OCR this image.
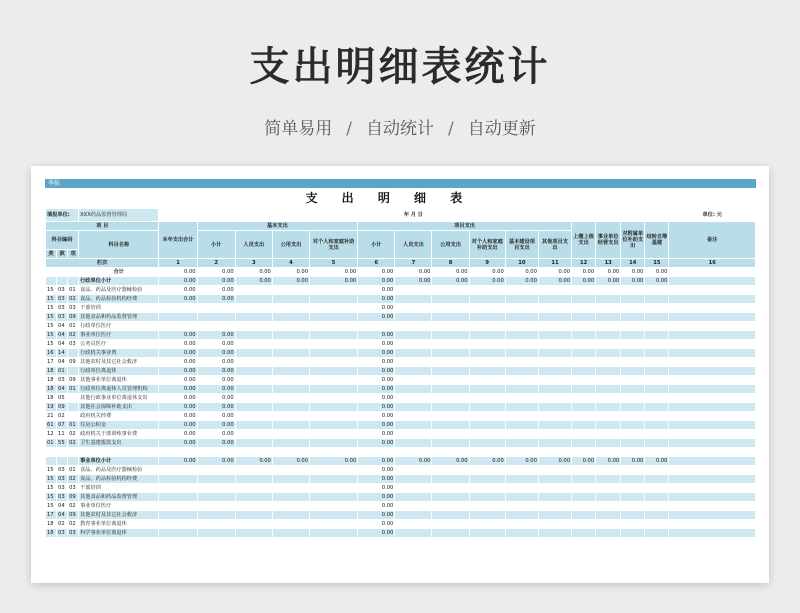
支出明细表统计
简单易用 / 自动统计 / 自动更新
季报
							支 出 明 细 表												
填报单位:			XXX药品监督管理局						年 月 日										单位: 元
项 目				本年支出合计	基本支出				项目支出						上缴上级支出	事业单位经营支出	对附属单位补助支出	结转自筹基建	备注
科目编码			科目名称		小计	人员支出	公用支出	对个人和家庭补助支出	小计	人员支出	公用支出	对个人和家庭补助支出	基本建设项目支出	其他项目支出					
类	款	项																	
栏次				1	2	3	4	5	6	7	8	9	10	11	12	13	14	15	16
			合计	0.00	0.00	0.00	0.00	0.00	0.00	0.00	0.00	0.00	0.00	0.00	0.00	0.00	0.00	0.00	
			行政单位小计	0.00	0.00	0.00	0.00	0.00	0.00	0.00	0.00	0.00	0.00	0.00	0.00	0.00	0.00	0.00	
15	03	01	食品、药品及医疗器械检验	0.00	0.00				0.00										
15	03	02	食品、药品检验机构经费	0.00	0.00				0.00										
15	03	03	干部培训						0.00										
15	03	09	其他食品和药品监督管理						0.00										
15	04	01	行政单位医疗																
15	04	02	事业单位医疗	0.00	0.00				0.00										
15	04	03	公务员医疗	0.00	0.00				0.00										
16	14		行政机关事业费	0.00	0.00				0.00										
17	04	09	其他农村及其它社会救济	0.00	0.00				0.00										
18	01		行政单位离退休	0.00	0.00				0.00										
18	03	09	其他事业单位离退休	0.00	0.00				0.00										
18	04	01	行政单位离退休人员管理机构	0.00	0.00				0.00										
18	05		其他行政事业单位离退休支出	0.00	0.00				0.00										
19	09		其他社会保障补助支出	0.00	0.00				0.00										
21	02		政府机关经费	0.00	0.00				0.00										
61	07	01	住房公积金	0.00	0.00				0.00										
12	11	02	政府机关干部训练事业费	0.00	0.00				0.00										
01	55	02	卫生基建拨款支出	0.00	0.00				0.00										

			事业单位小计	0.00	0.00	0.00	0.00	0.00	0.00	0.00	0.00	0.00	0.00	0.00	0.00	0.00	0.00	0.00	
15	03	01	食品、药品及医疗器械检验						0.00										
15	03	02	食品、药品检验机构经费						0.00										
15	03	03	干部培训						0.00										
15	03	09	其他食品和药品监督管理						0.00										
15	04	02	事业单位医疗						0.00										
17	04	09	其他农村及其它社会救济						0.00										
18	02	02	教育事业单位离退休						0.00										
18	03	03	科学事业单位离退休						0.00										
